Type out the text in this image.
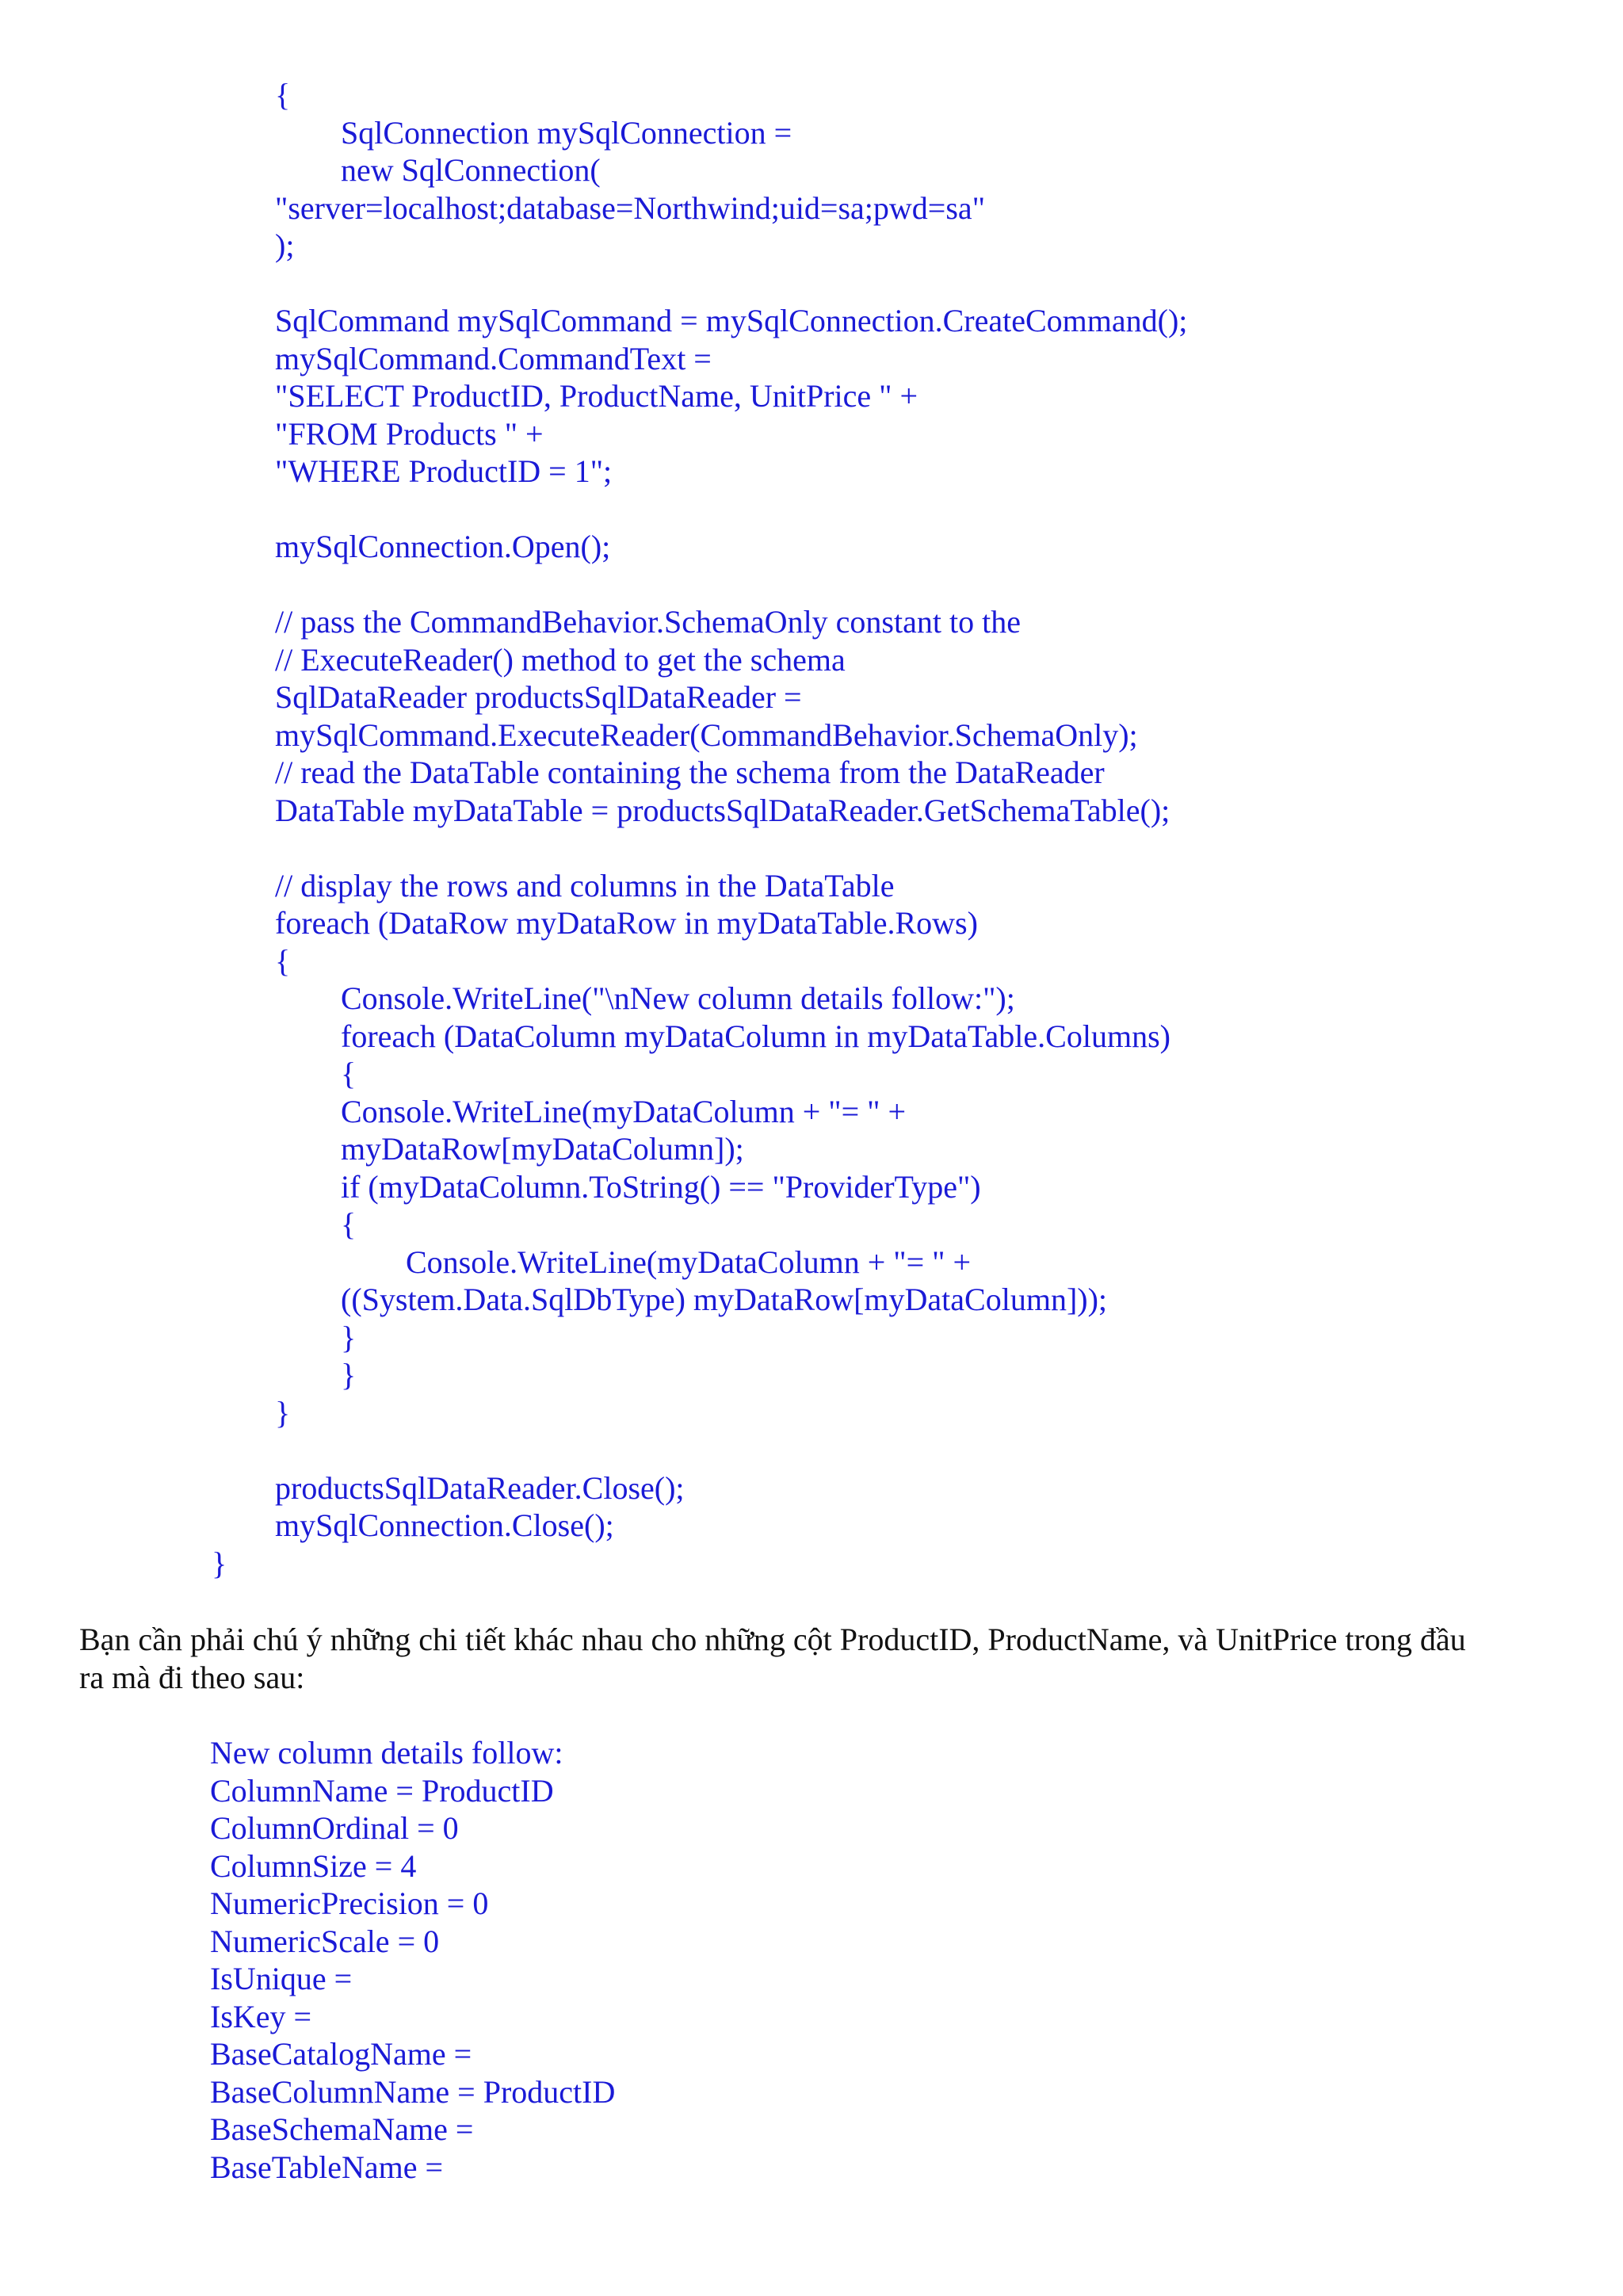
{
SqlConnection mySqlConnection =
new SqlConnection(
"server=localhost;database=Northwind;uid=sa;pwd=sa"
);
SqlCommand mySqlCommand = mySqlConnection.CreateCommand();
mySqlCommand.CommandText =
"SELECT ProductID, ProductName, UnitPrice " +
"FROM Products " +
"WHERE ProductID = 1";
mySqlConnection.Open();
// pass the CommandBehavior.SchemaOnly constant to the
// ExecuteReader() method to get the schema
SqlDataReader productsSqlDataReader =
mySqlCommand.ExecuteReader(CommandBehavior.SchemaOnly);
// read the DataTable containing the schema from the DataReader
DataTable myDataTable = productsSqlDataReader.GetSchemaTable();
// display the rows and columns in the DataTable
foreach (DataRow myDataRow in myDataTable.Rows)
{
Console.WriteLine("\nNew column details follow:");
foreach (DataColumn myDataColumn in myDataTable.Columns)
{
Console.WriteLine(myDataColumn + "= " +
myDataRow[myDataColumn]);
if (myDataColumn.ToString() == "ProviderType")
{
Console.WriteLine(myDataColumn + "= " +
((System.Data.SqlDbType) myDataRow[myDataColumn]));
}
}
}
productsSqlDataReader.Close();
mySqlConnection.Close();
}
Bạn cần phải chú ý những chi tiết khác nhau cho những cột ProductID, ProductName, và UnitPrice trong đầu
ra mà đi theo sau:
New column details follow:
ColumnName = ProductID
ColumnOrdinal = 0
ColumnSize = 4
NumericPrecision = 0
NumericScale = 0
IsUnique =
IsKey =
BaseCatalogName =
BaseColumnName = ProductID
BaseSchemaName =
BaseTableName =
